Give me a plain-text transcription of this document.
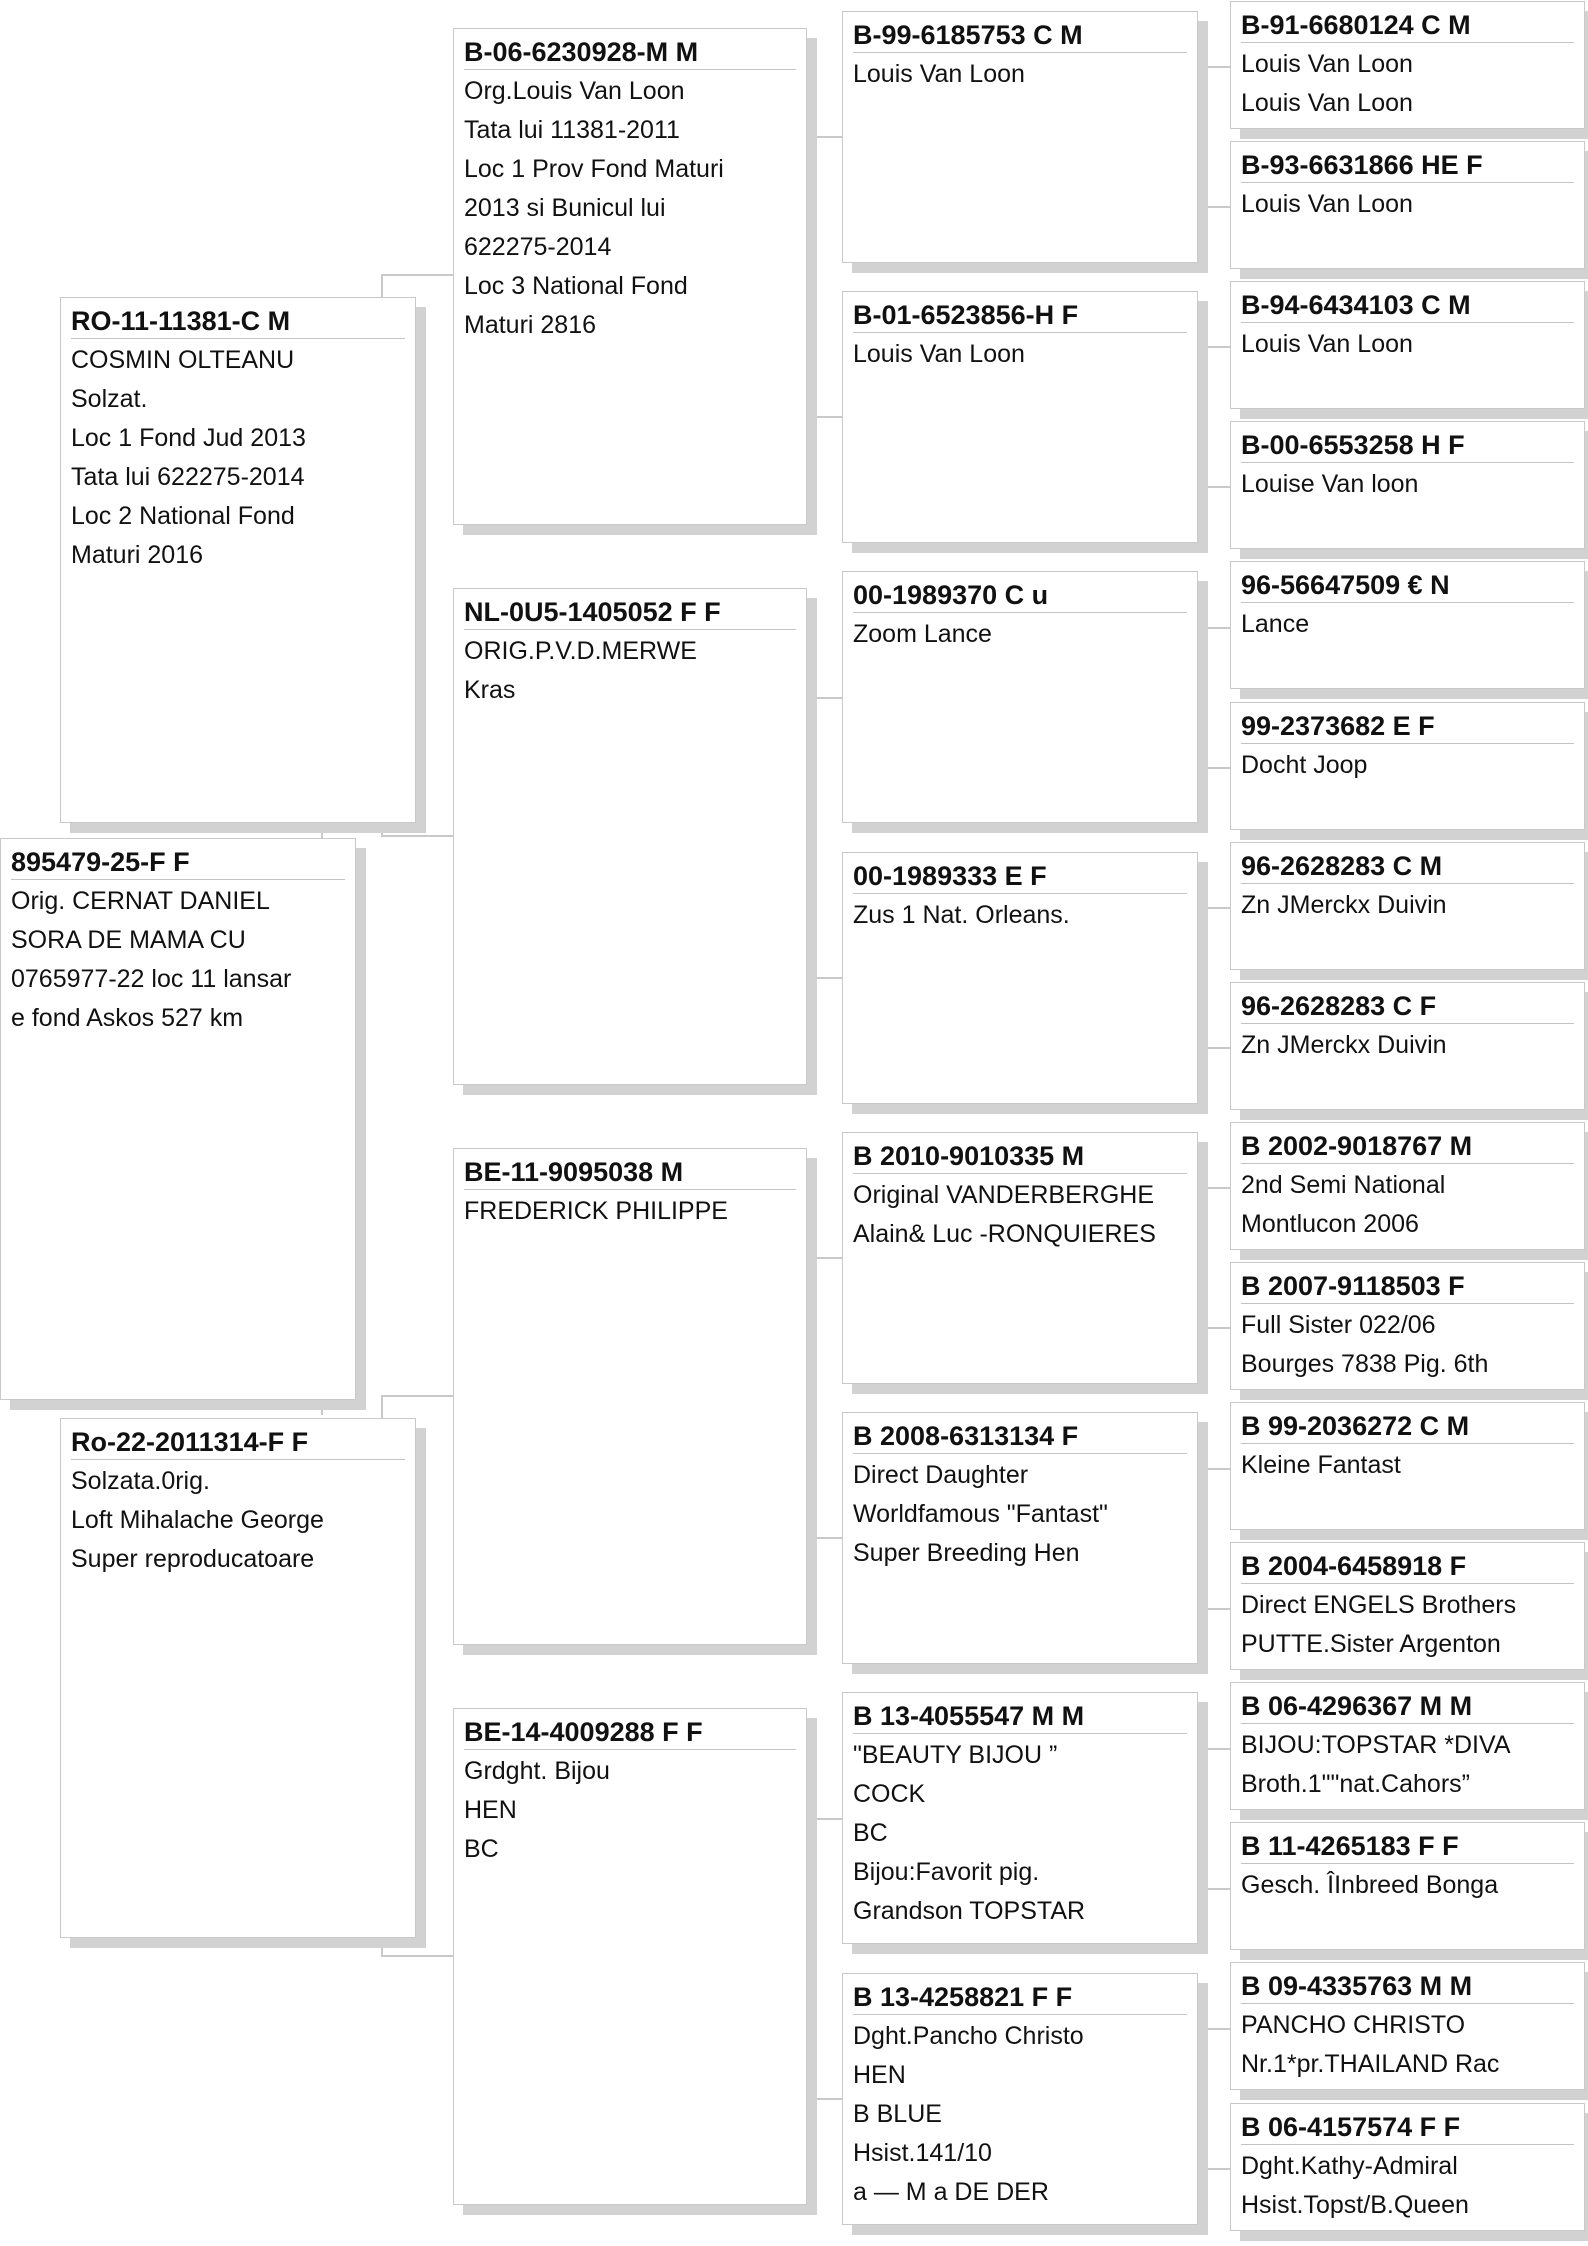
895479-25-F F
Orig. CERNAT DANIEL
SORA DE MAMA CU
0765977-22 loc 11 lansar
e fond Askos 527 km
RO-11-11381-C M
COSMIN OLTEANU
Solzat.
Loc 1 Fond Jud 2013
Tata lui 622275-2014
Loc 2 National Fond
Maturi 2016
Ro-22-2011314-F F
Solzata.0rig.
Loft Mihalache George
Super reproducatoare
B-06-6230928-M M
Org.Louis Van Loon
Tata lui 11381-2011
Loc 1 Prov Fond Maturi
2013 si Bunicul lui
622275-2014
Loc 3 National Fond
Maturi 2816
NL-0U5-1405052 F F
ORIG.P.V.D.MERWE
Kras
BE-11-9095038 M
FREDERICK PHILIPPE
BE-14-4009288 F F
Grdght. Bijou
HEN
BC
B-99-6185753 C M
Louis Van Loon
B-01-6523856-H F
Louis Van Loon
00-1989370 C u
Zoom Lance
00-1989333 E F
Zus 1 Nat. Orleans.
B 2010-9010335 M
Original VANDERBERGHE
Alain& Luc -RONQUIERES
B 2008-6313134 F
Direct Daughter
Worldfamous "Fantast"
Super Breeding Hen
B 13-4055547 M M
"BEAUTY BIJOU ”
COCK
BC
Bijou:Favorit pig.
Grandson TOPSTAR
B 13-4258821 F F
Dght.Pancho Christo
HEN
B BLUE
Hsist.141/10
a — M a DE DER
B-91-6680124 C M
Louis Van Loon
Louis Van Loon
B-93-6631866 HE F
Louis Van Loon
B-94-6434103 C M
Louis Van Loon
B-00-6553258 H F
Louise Van loon
96-56647509 € N
Lance
99-2373682 E F
Docht Joop
96-2628283 C M
Zn JMerckx Duivin
96-2628283 C F
Zn JMerckx Duivin
B 2002-9018767 M
2nd Semi National
Montlucon 2006
B 2007-9118503 F
Full Sister 022/06
Bourges 7838 Pig. 6th
B 99-2036272 C M
Kleine Fantast
B 2004-6458918 F
Direct ENGELS Brothers
PUTTE.Sister Argenton
B 06-4296367 M M
BIJOU:TOPSTAR *DIVA
Broth.1""nat.Cahors”
B 11-4265183 F F
Gesch. ÎInbreed Bonga
B 09-4335763 M M
PANCHO CHRISTO
Nr.1*pr.THAILAND Rac
B 06-4157574 F F
Dght.Kathy-Admiral
Hsist.Topst/B.Queen
